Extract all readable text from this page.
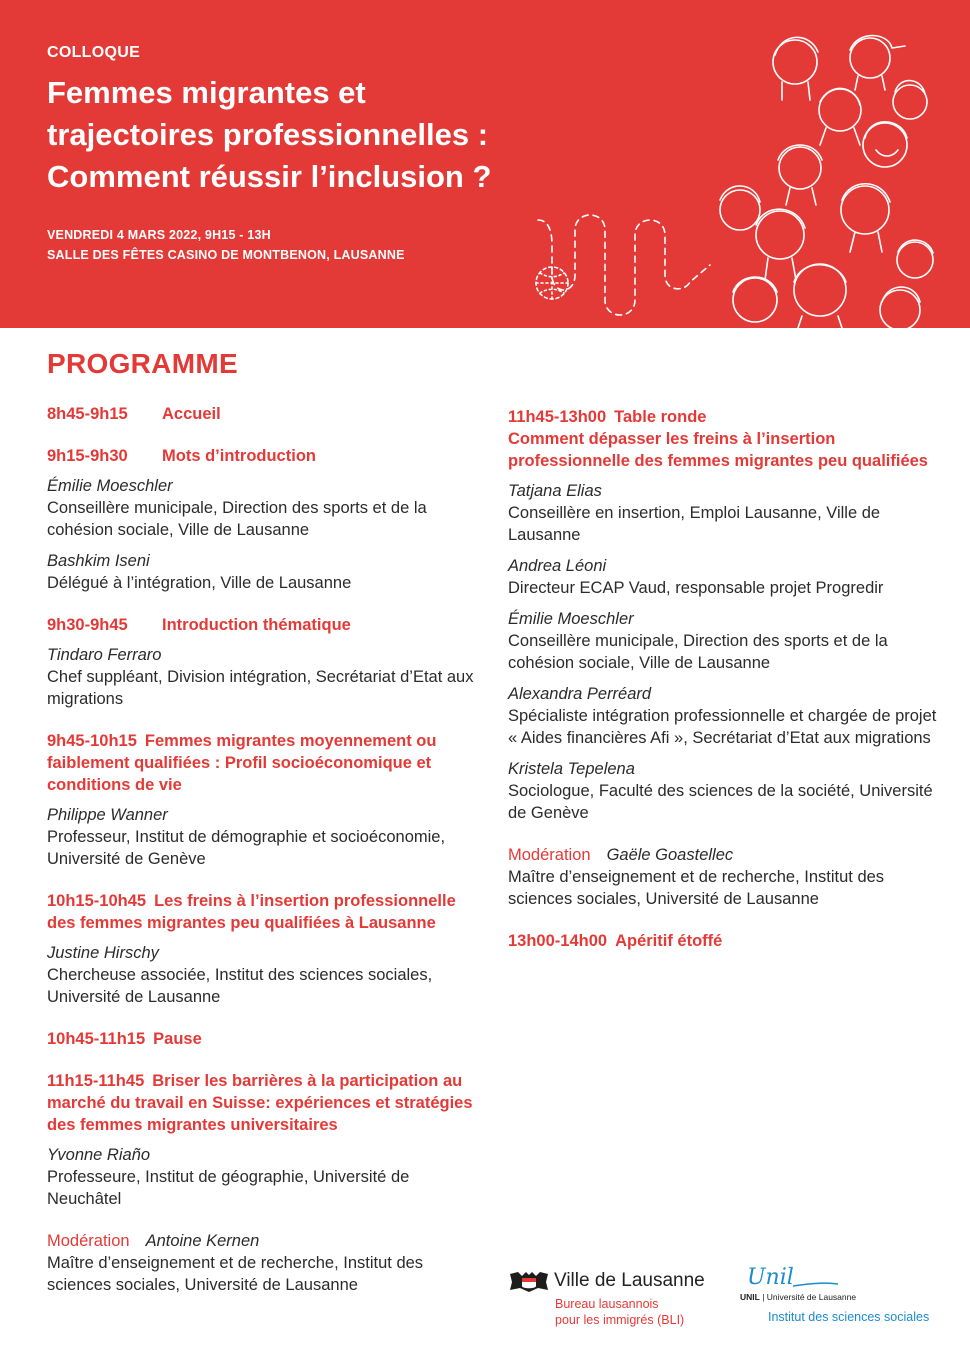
COLLOQUE
Femmes migrantes et
trajectoires professionnelles :
Comment réussir l’inclusion ?
VENDREDI 4 MARS 2022, 9H15 - 13H
SALLE DES FÊTES CASINO DE MONTBENON, LAUSANNE
PROGRAMME
8h45-9h15 Accueil
9h15-9h30 Mots d’introduction
Émilie Moeschler
Conseillère municipale, Direction des sports et de la cohésion sociale, Ville de Lausanne
Bashkim Iseni
Délégué à l’intégration, Ville de Lausanne
9h30-9h45 Introduction thématique
Tindaro Ferraro
Chef suppléant, Division intégration, Secrétariat d’Etat aux migrations
9h45-10h15 Femmes migrantes moyennement ou faiblement qualifiées : Profil socioéconomique et conditions de vie
Philippe Wanner
Professeur, Institut de démographie et socioéconomie, Université de Genève
10h15-10h45 Les freins à l’insertion professionnelle des femmes migrantes peu qualifiées à Lausanne
Justine Hirschy
Chercheuse associée, Institut des sciences sociales, Université de Lausanne
10h45-11h15 Pause
11h15-11h45 Briser les barrières à la participation au marché du travail en Suisse: expériences et stratégies des femmes migrantes universitaires
Yvonne Riaño
Professeure, Institut de géographie, Université de Neuchâtel
Modération Antoine Kernen
Maître d’enseignement et de recherche, Institut des sciences sociales, Université de Lausanne
11h45-13h00 Table ronde
Comment dépasser les freins à l’insertion professionnelle des femmes migrantes peu qualifiées
Tatjana Elias
Conseillère en insertion, Emploi Lausanne, Ville de Lausanne
Andrea Léoni
Directeur ECAP Vaud, responsable projet Progredir
Émilie Moeschler
Conseillère municipale, Direction des sports et de la cohésion sociale, Ville de Lausanne
Alexandra Perréard
Spécialiste intégration professionnelle et chargée de projet « Aides financières Afi », Secrétariat d’Etat aux migrations
Kristela Tepelena
Sociologue, Faculté des sciences de la société, Université de Genève
Modération Gaële Goastellec
Maître d’enseignement et de recherche, Institut des sciences sociales, Université de Lausanne
13h00-14h00 Apéritif étoffé
Ville de Lausanne
Bureau lausannois
pour les immigrés (BLI)
Unil
UNIL | Université de Lausanne
Institut des sciences sociales
